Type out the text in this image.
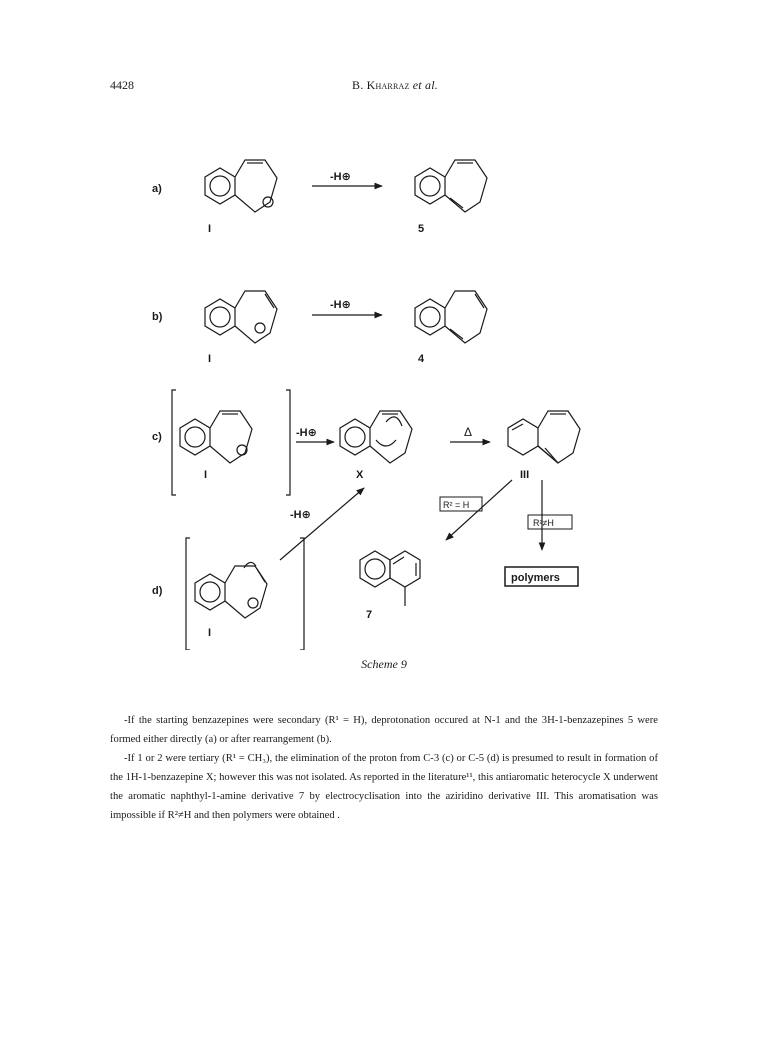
4428	B. Kharraz et al.
a)
-H⊕
I	5
b)
-H⊕
I	4
c)	-H⊕
I	X
Δ
III
d)
-H⊕
I
R² = H
R²≠H
7
polymers
Scheme 9

-If the starting benzazepines were secondary (R¹ = H), deprotonation occured at N-1 and the 3H-1-benzazepines 5 were formed either directly (a) or after rearrangement (b).

-If 1 or 2 were tertiary (R¹ = CH₃), the elimination of the proton from C-3 (c) or C-5 (d) is presumed to result in formation of the 1H-1-benzazepine X; however this was not isolated. As reported in the literature¹¹, this antiaromatic heterocycle X underwent the aromatic naphthyl-1-amine derivative 7 by electrocyclisation into the aziridino derivative III. This aromatisation was impossible if R²≠H and then polymers were obtained .
